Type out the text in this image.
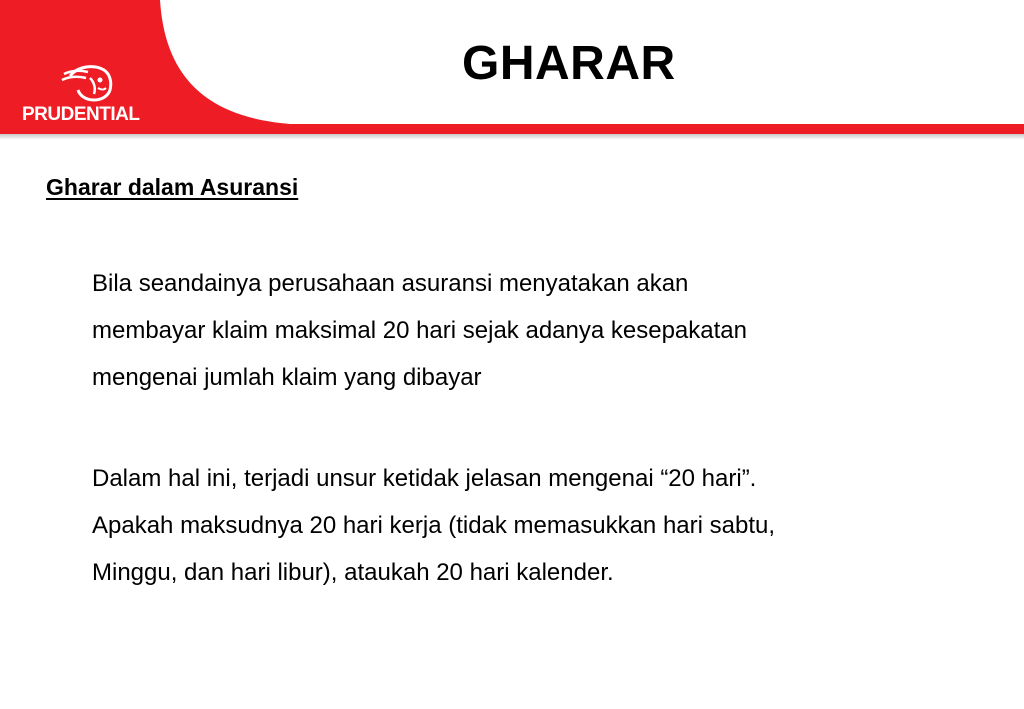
PRUDENTIAL
GHARAR
Gharar dalam Asuransi
Bila seandainya perusahaan asuransi menyatakan akan
membayar klaim maksimal 20 hari sejak adanya kesepakatan
mengenai jumlah klaim yang dibayar
Dalam hal ini, terjadi unsur ketidak jelasan mengenai “20 hari”.
Apakah maksudnya 20 hari kerja (tidak memasukkan hari sabtu,
Minggu, dan hari libur), ataukah 20 hari kalender.
